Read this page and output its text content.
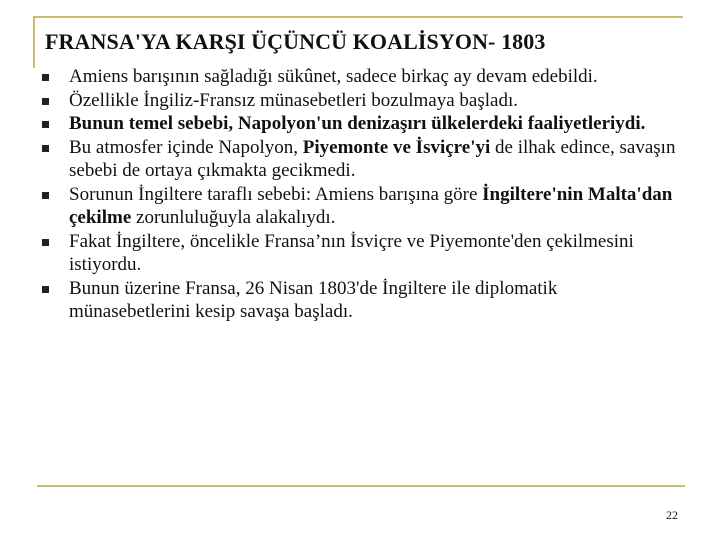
FRANSA'YA KARŞI ÜÇÜNCÜ KOALİSYON- 1803
Amiens barışının sağladığı sükûnet, sadece birkaç ay devam edebildi.
Özellikle İngiliz-Fransız münasebetleri bozulmaya başladı.
Bunun temel sebebi, Napolyon'un denizaşırı ülkelerdeki faaliyetleriydi.
Bu atmosfer içinde Napolyon, Piyemonte ve İsviçre'yi de ilhak edince, savaşın sebebi de ortaya çıkmakta gecikmedi.
Sorunun İngiltere taraflı sebebi: Amiens barışına göre İngiltere'nin Malta'dan çekilme zorunluluğuyla alakalıydı.
Fakat İngiltere, öncelikle Fransa’nın İsviçre ve Piyemonte'den çekilmesini istiyordu.
Bunun üzerine Fransa, 26 Nisan 1803'de İngiltere ile diplomatik münasebetlerini kesip savaşa başladı.
22
